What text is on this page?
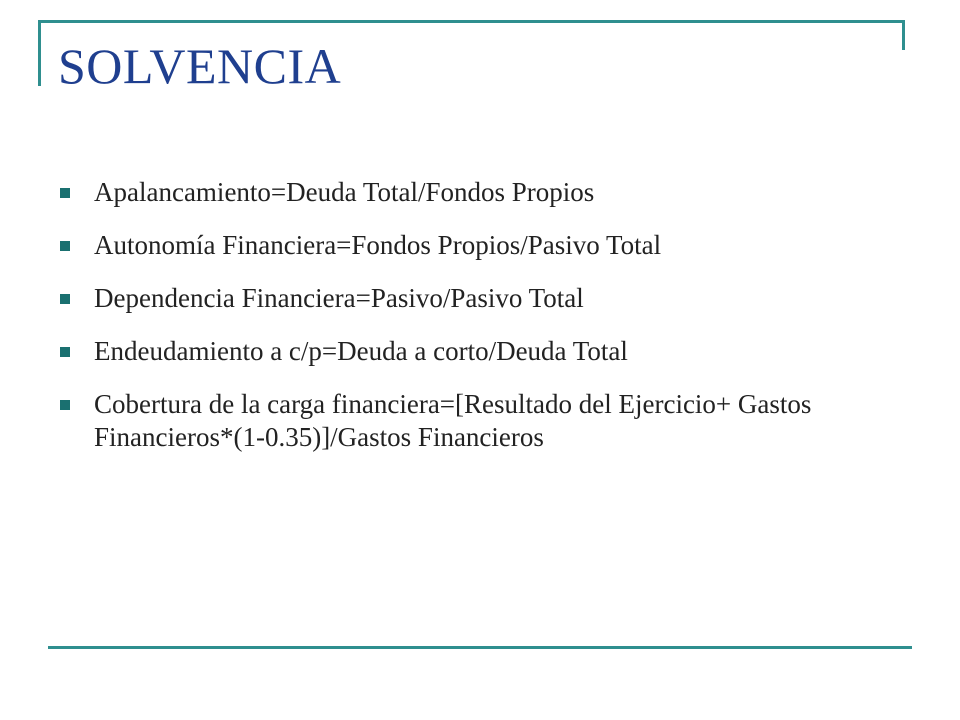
SOLVENCIA
Apalancamiento=Deuda Total/Fondos Propios
Autonomía Financiera=Fondos Propios/Pasivo Total
Dependencia Financiera=Pasivo/Pasivo Total
Endeudamiento a c/p=Deuda a corto/Deuda Total
Cobertura de la carga financiera=[Resultado del Ejercicio+ Gastos Financieros*(1-0.35)]/Gastos Financieros
